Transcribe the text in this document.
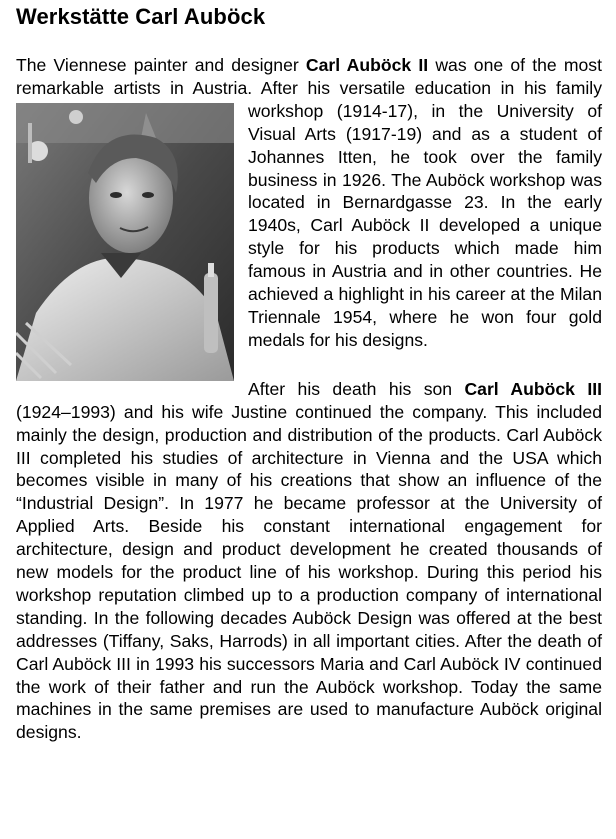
Werkstätte Carl Auböck

The Viennese painter and designer Carl Auböck II was one of the most remarkable artists in Austria. After his versatile
education in his family workshop (1914-17), in the University of Visual Arts (1917-19) and as a student of Johannes Itten, he took over the family business in 1926. The Auböck workshop was located in Bernardgasse 23. In the early 1940s, Carl Auböck II developed a unique style for his products which made him famous in Austria and in other countries. He achieved a highlight in his career at the Milan Triennale 1954, where he won four gold medals for his designs.

After his death his son Carl Auböck III (1924–1993) and his wife Justine continued the company. This included mainly the design, production and distribution of the products. Carl Auböck III completed his studies of architecture in Vienna and the USA which becomes visible in many of his creations that show an influence of the “Industrial Design”. In 1977 he became professor at the University of Applied Arts. Beside his constant international engagement for architecture, design and product development he created thousands of new models for the product line of his workshop. During this period his workshop reputation climbed up to a production company of international standing. In the following decades Auböck Design was offered at the best addresses (Tiffany, Saks, Harrods) in all important cities. After the death of Carl Auböck III in 1993 his successors Maria and Carl Auböck IV continued the work of their father and run the Auböck workshop. Today the same machines in the same premises are used to manufacture Auböck original designs.
